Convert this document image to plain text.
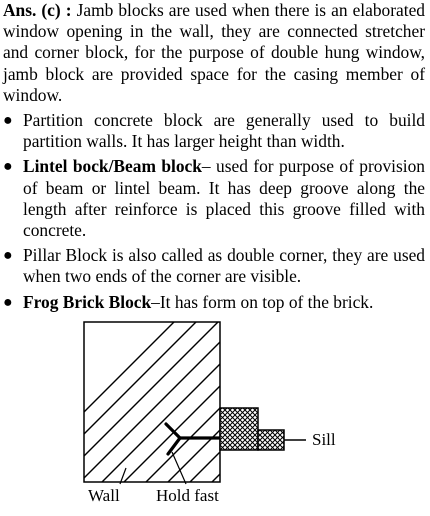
Ans. (c) : Jamb blocks are used when there is an elaborated window opening in the wall, they are connected stretcher and corner block, for the purpose of double hung window, jamb block are provided space for the casing member of window.

● Partition concrete block are generally used to build partition walls. It has larger height than width.
● Lintel bock/Beam block– used for purpose of provision of beam or lintel beam. It has deep groove along the length after reinforce is placed this groove filled with concrete.
● Pillar Block is also called as double corner, they are used when two ends of the corner are visible.
● Frog Brick Block–It has form on top of the brick.
Sill
Wall Hold fast
